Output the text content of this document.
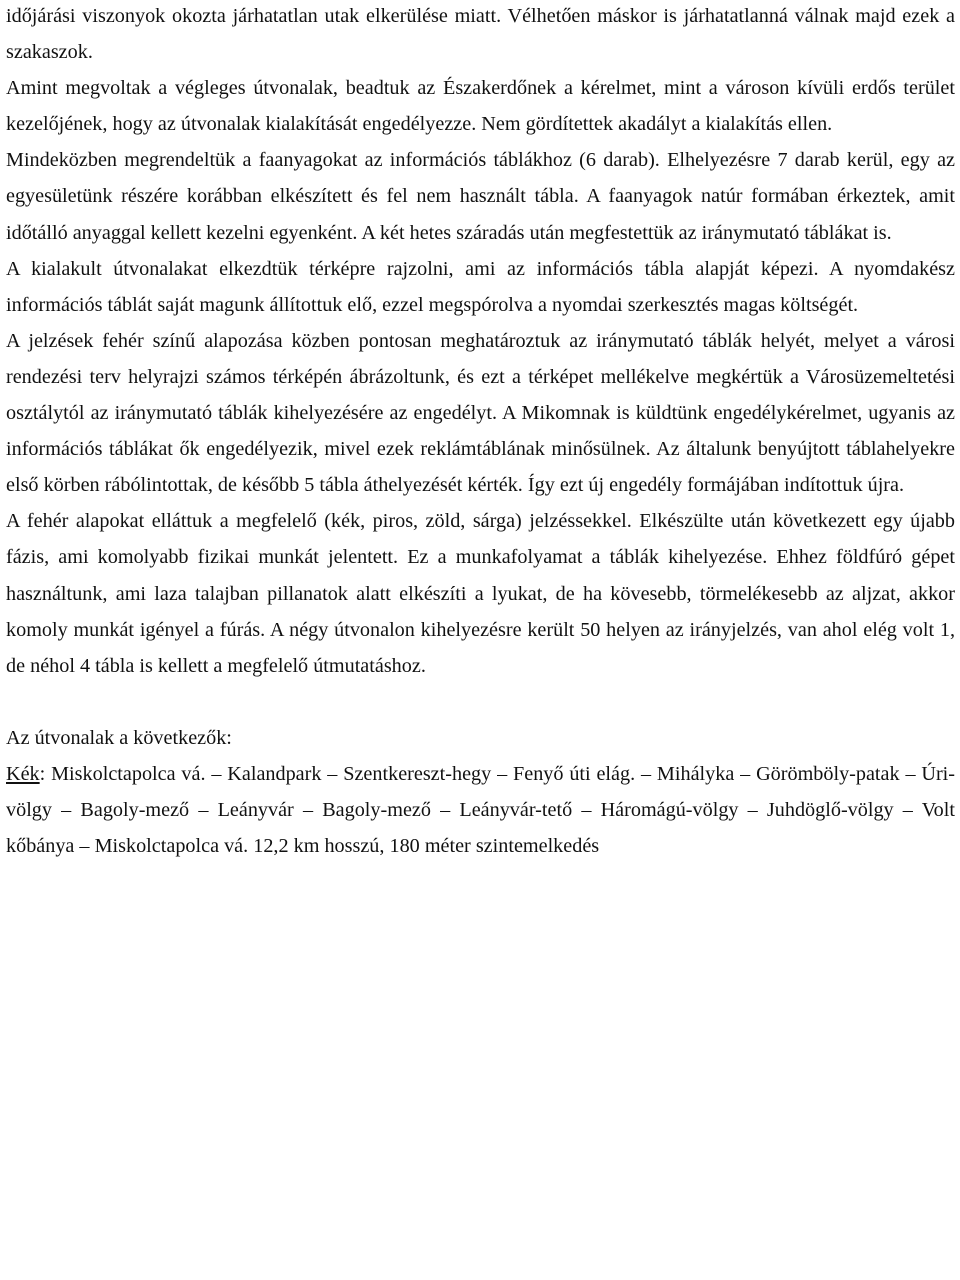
időjárási viszonyok okozta járhatatlan utak elkerülése miatt. Vélhetően máskor is járhatatlanná válnak majd ezek a szakaszok.

Amint megvoltak a végleges útvonalak, beadtuk az Északerdőnek a kérelmet, mint a városon kívüli erdős terület kezelőjének, hogy az útvonalak kialakítását engedélyezze. Nem gördítettek akadályt a kialakítás ellen.

Mindeközben megrendeltük a faanyagokat az információs táblákhoz (6 darab). Elhelyezésre 7 darab kerül, egy az egyesületünk részére korábban elkészített és fel nem használt tábla. A faanyagok natúr formában érkeztek, amit időtálló anyaggal kellett kezelni egyenként. A két hetes száradás után megfestettük az iránymutató táblákat is.

A kialakult útvonalakat elkezdtük térképre rajzolni, ami az információs tábla alapját képezi. A nyomdakész információs táblát saját magunk állítottuk elő, ezzel megspórolva a nyomdai szerkesztés magas költségét.

A jelzések fehér színű alapozása közben pontosan meghatároztuk az iránymutató táblák helyét, melyet a városi rendezési terv helyrajzi számos térképén ábrázoltunk, és ezt a térképet mellékelve megkértük a Városüzemeltetési osztálytól az iránymutató táblák kihelyezésére az engedélyt. A Mikomnak is küldtünk engedélykérelmet, ugyanis az információs táblákat ők engedélyezik, mivel ezek reklámtáblának minősülnek. Az általunk benyújtott táblahelyekre első körben rábólintottak, de később 5 tábla áthelyezését kérték. Így ezt új engedély formájában indítottuk újra.

A fehér alapokat elláttuk a megfelelő (kék, piros, zöld, sárga) jelzéssekkel. Elkészülte után következett egy újabb fázis, ami komolyabb fizikai munkát jelentett. Ez a munkafolyamat a táblák kihelyezése. Ehhez földfúró gépet használtunk, ami laza talajban pillanatok alatt elkészíti a lyukat, de ha kövesebb, törmelékesebb az aljzat, akkor komoly munkát igényel a fúrás. A négy útvonalon kihelyezésre került 50 helyen az irányjelzés, van ahol elég volt 1, de néhol 4 tábla is kellett a megfelelő útmutatáshoz.

Az útvonalak a következők:

Kék: Miskolctapolca vá. – Kalandpark – Szentkereszt-hegy – Fenyő úti elág. – Mihályka – Görömböly-patak – Úri-völgy – Bagoly-mező – Leányvár – Bagoly-mező – Leányvár-tető – Háromágú-völgy – Juhdöglő-völgy – Volt kőbánya – Miskolctapolca vá. 12,2 km hosszú, 180 méter szintemelkedés
